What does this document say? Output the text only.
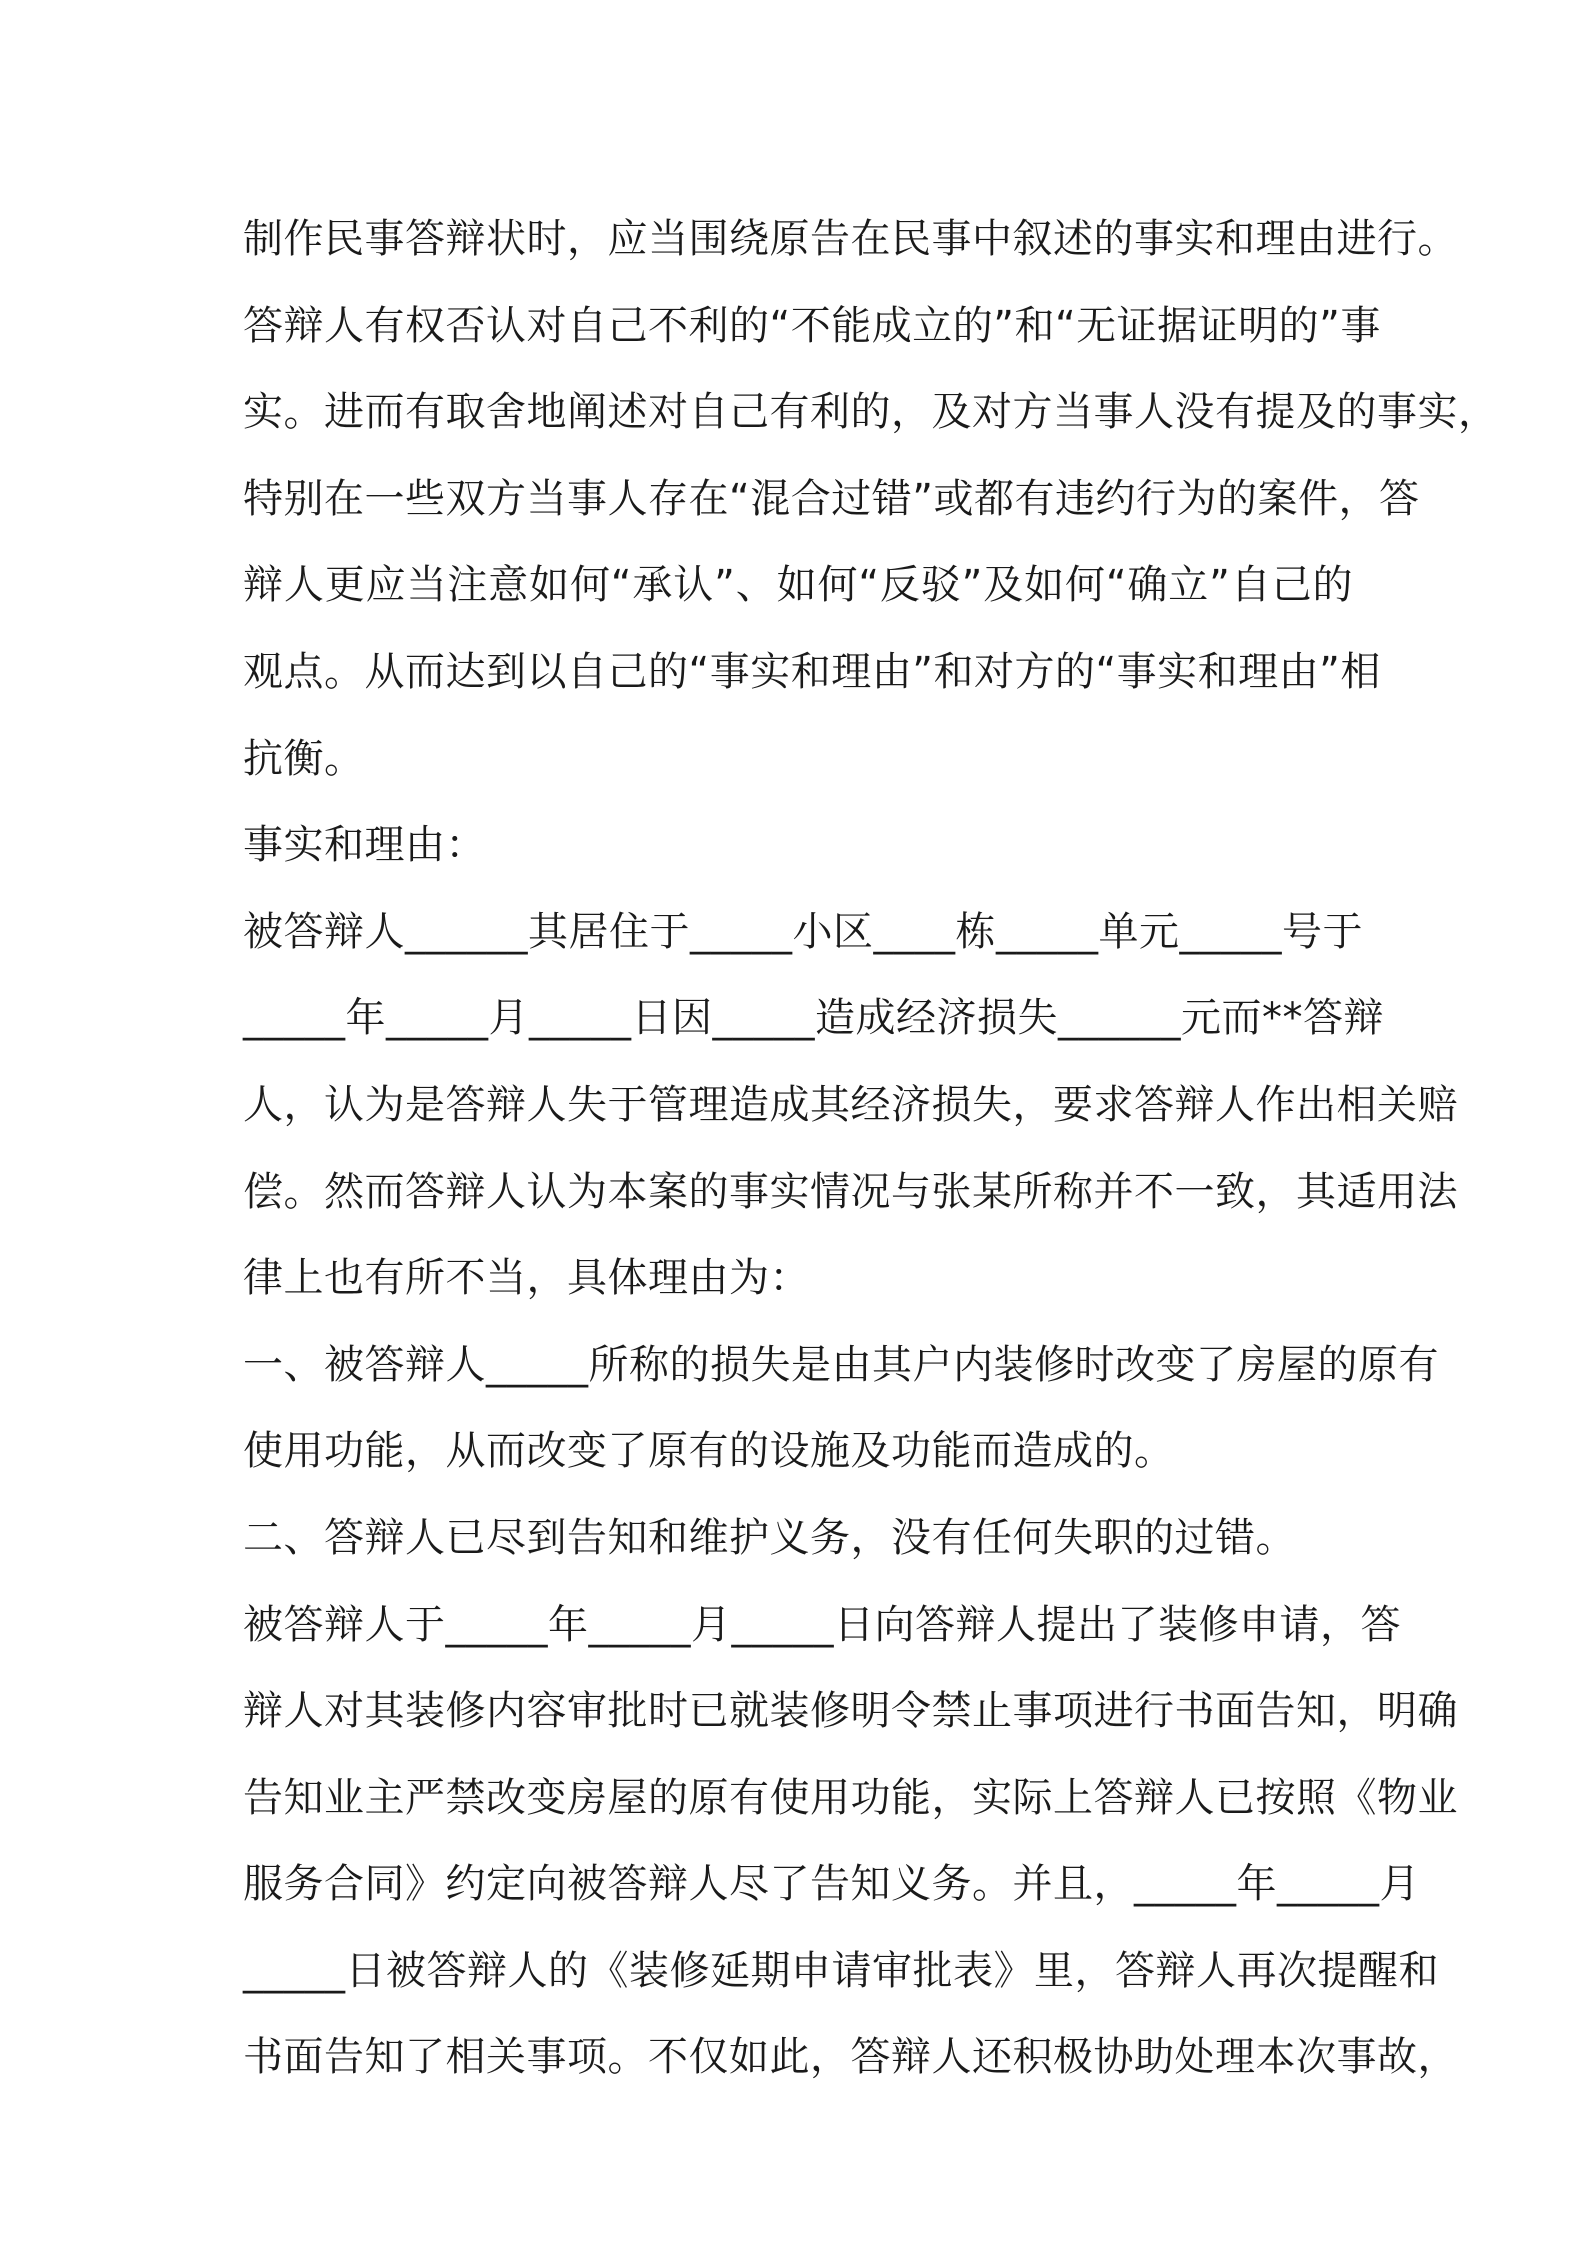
制作民事答辩状时，应当围绕原告在民事中叙述的事实和理由进行。
答辩人有权否认对自己不利的“不能成立的”和“无证据证明的”事
实。进而有取舍地阐述对自己有利的，及对方当事人没有提及的事实，
特别在一些双方当事人存在“混合过错”或都有违约行为的案件，答
辩人更应当注意如何“承认”、如何“反驳”及如何“确立”自己的
观点。从而达到以自己的“事实和理由”和对方的“事实和理由”相
抗衡。
事实和理由：
被答辩人______其居住于_____小区____栋_____单元_____号于
_____年_____月_____日因_____造成经济损失______元而**答辩
人，认为是答辩人失于管理造成其经济损失，要求答辩人作出相关赔
偿。然而答辩人认为本案的事实情况与张某所称并不一致，其适用法
律上也有所不当，具体理由为：
一、被答辩人_____所称的损失是由其户内装修时改变了房屋的原有
使用功能，从而改变了原有的设施及功能而造成的。
二、答辩人已尽到告知和维护义务，没有任何失职的过错。
被答辩人于_____年_____月_____日向答辩人提出了装修申请，答
辩人对其装修内容审批时已就装修明令禁止事项进行书面告知，明确
告知业主严禁改变房屋的原有使用功能，实际上答辩人已按照《物业
服务合同》约定向被答辩人尽了告知义务。并且，_____年_____月
_____日被答辩人的《装修延期申请审批表》里，答辩人再次提醒和
书面告知了相关事项。不仅如此，答辩人还积极协助处理本次事故，
